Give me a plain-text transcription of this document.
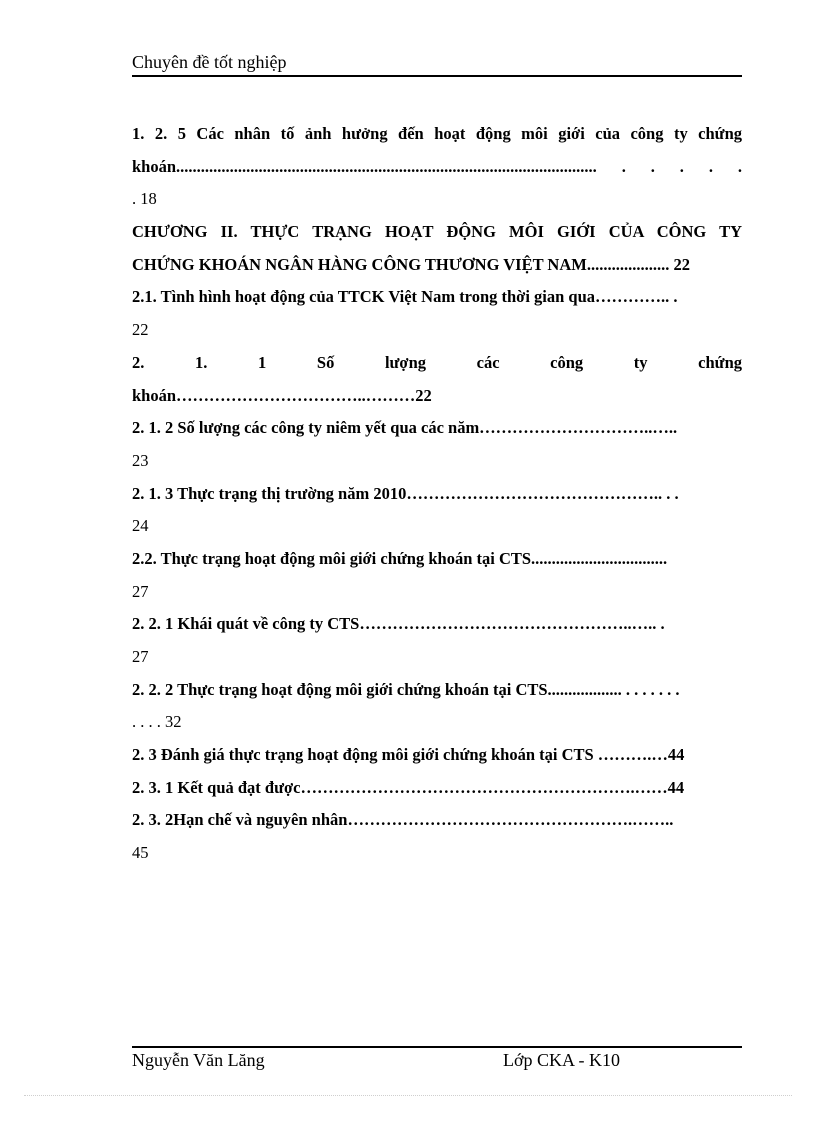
Chuyên đề tốt nghiệp
1. 2. 5 Các nhân tố ảnh hưởng đến hoạt động môi giới của công ty chứng
khoán...................................................................................................... . . . . .
. 18
CHƯƠNG II. THỰC TRẠNG HOẠT ĐỘNG MÔI GIỚI CỦA CÔNG TY
CHỨNG KHOÁN NGÂN HÀNG CÔNG THƯƠNG VIỆT NAM.................... 22
2.1. Tình hình hoạt động của TTCK Việt Nam trong thời gian qua………….. .
22
2. 1. 1 Số lượng các công ty chứng
khoán……………………………..………22
2. 1. 2 Số lượng các công ty niêm yết qua các năm…………………………..…..
23
2. 1. 3 Thực trạng thị trường năm 2010……………………………………….. . .
24
2.2. Thực trạng hoạt động môi giới chứng khoán tại CTS.................................
27
2. 2. 1 Khái quát về công ty CTS…………………………………………..….. .
27
2. 2. 2 Thực trạng hoạt động môi giới chứng khoán tại CTS.................. . . . . . . .
. . . . 32
2. 3 Đánh giá thực trạng hoạt động môi giới chứng khoán tại CTS ……….…44
2. 3. 1 Kết quả đạt được…………………………………………………….……44
2. 3. 2Hạn chế và nguyên nhân…………………………………………….……..
45
Nguyễn Văn Lăng	Lớp CKA - K10
